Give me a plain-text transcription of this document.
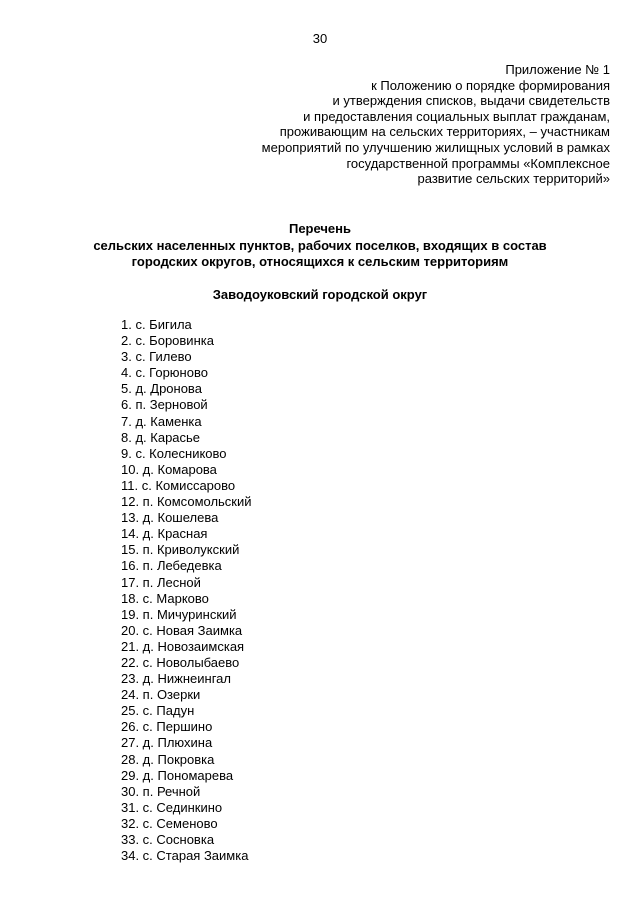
30
Приложение № 1
к Положению о порядке формирования
и утверждения списков, выдачи свидетельств
и предоставления социальных выплат гражданам,
проживающим на сельских территориях, – участникам
мероприятий по улучшению жилищных условий в рамках
государственной программы «Комплексное
развитие сельских территорий»
Перечень
сельских населенных пунктов, рабочих поселков, входящих в состав
городских округов, относящихся к сельским территориям
Заводоуковский городской округ
1. с. Бигила
2. с. Боровинка
3. с. Гилево
4. с. Горюново
5. д. Дронова
6. п. Зерновой
7. д. Каменка
8. д. Карасье
9. с. Колесниково
10. д. Комарова
11. с. Комиссарово
12. п. Комсомольский
13. д. Кошелева
14. д. Красная
15. п. Криволукский
16. п. Лебедевка
17. п. Лесной
18. с. Марково
19. п. Мичуринский
20. с. Новая Заимка
21. д. Новозаимская
22. с. Новолыбаево
23. д. Нижнеингал
24. п. Озерки
25. с. Падун
26. с. Першино
27. д. Плюхина
28. д. Покровка
29. д. Пономарева
30. п. Речной
31. с. Сединкино
32. с. Семеново
33. с. Сосновка
34. с. Старая Заимка
